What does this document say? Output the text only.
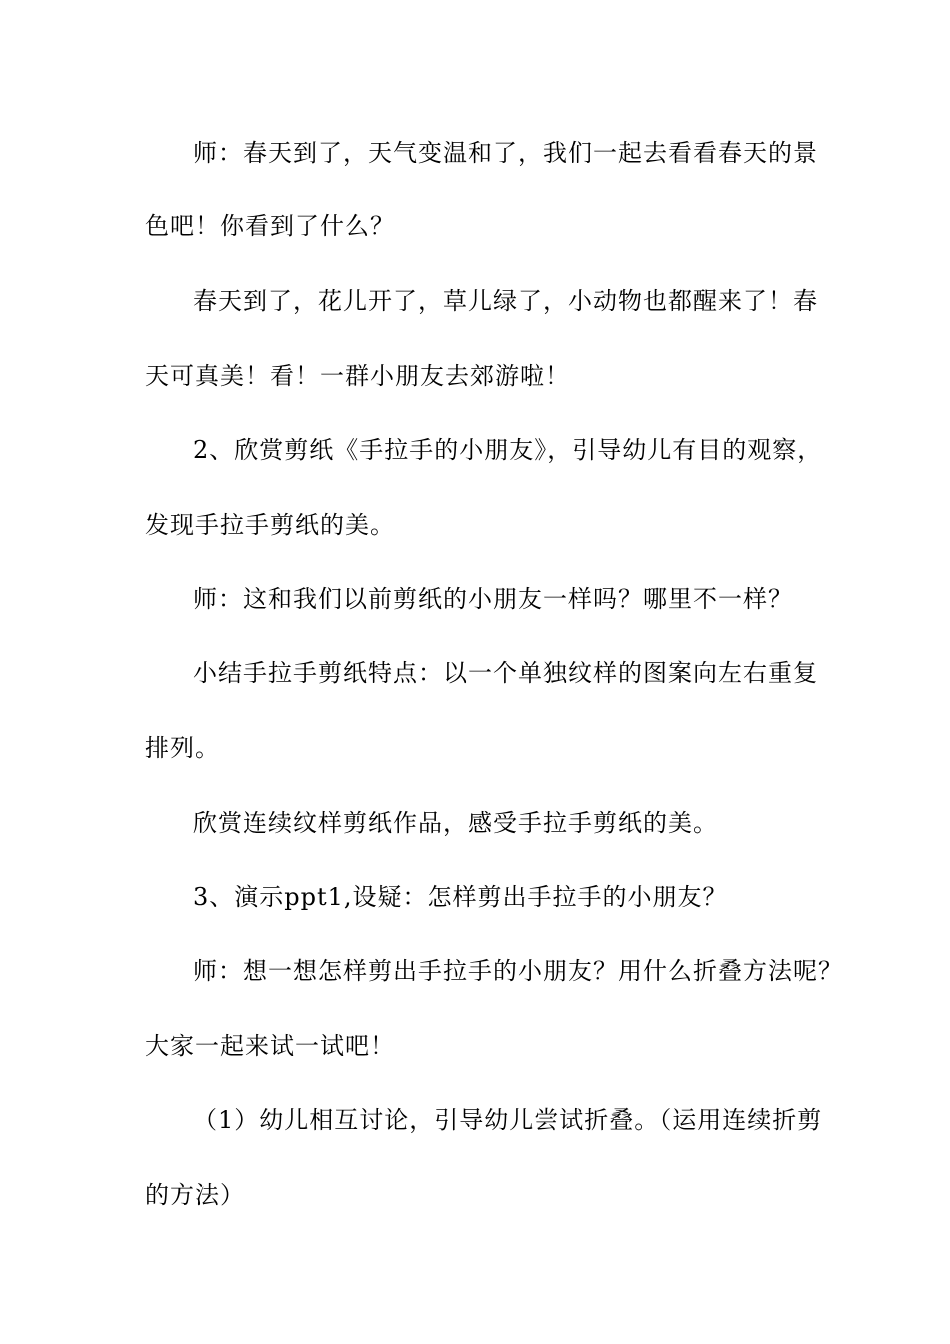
师：春天到了，天气变温和了，我们一起去看看春天的景
色吧！你看到了什么？
春天到了，花儿开了，草儿绿了，小动物也都醒来了！春
天可真美！看！一群小朋友去郊游啦！
2、欣赏剪纸《手拉手的小朋友》，引导幼儿有目的观察，
发现手拉手剪纸的美。
师：这和我们以前剪纸的小朋友一样吗？哪里不一样？
小结手拉手剪纸特点：以一个单独纹样的图案向左右重复
排列。
欣赏连续纹样剪纸作品，感受手拉手剪纸的美。
3、演示ppt1,设疑：怎样剪出手拉手的小朋友？
师：想一想怎样剪出手拉手的小朋友？用什么折叠方法呢？
大家一起来试一试吧！
（1）幼儿相互讨论，引导幼儿尝试折叠。（运用连续折剪
的方法）
